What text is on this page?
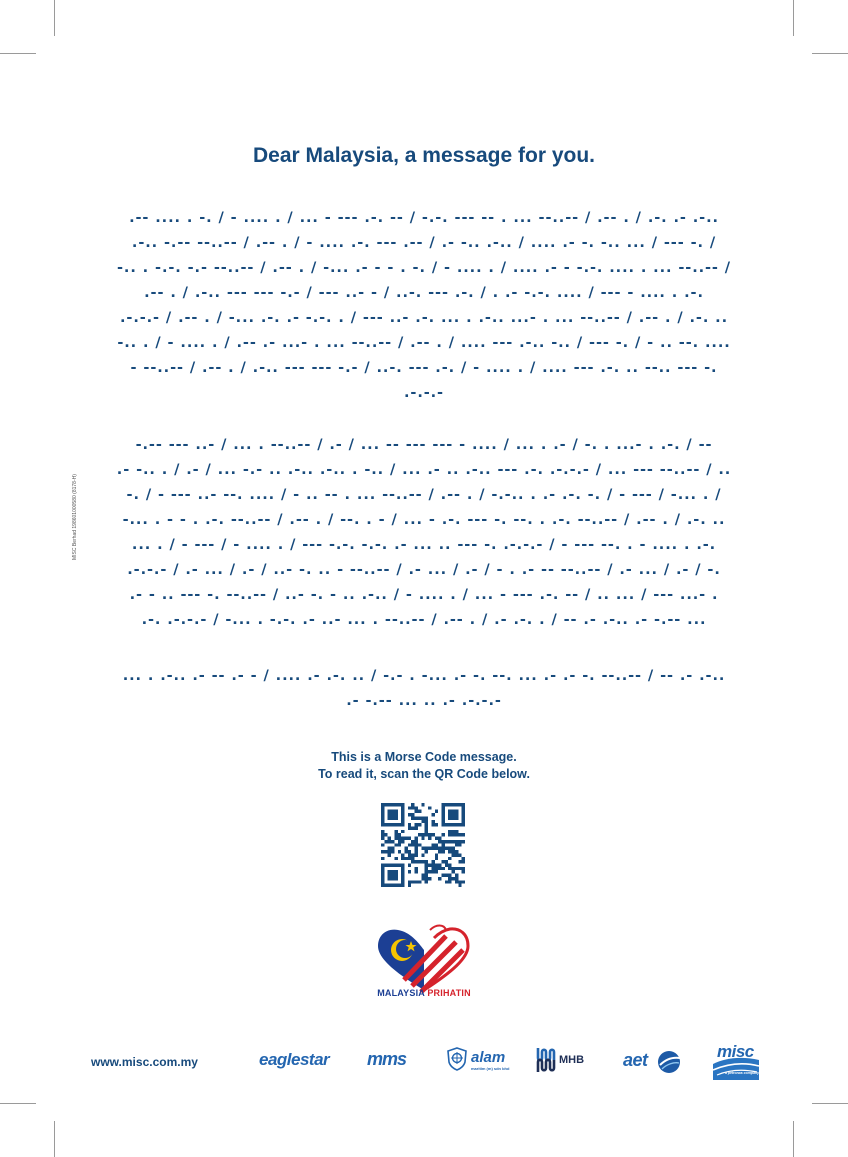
MISC Berhad 198601000580 (8178-H)
Dear Malaysia, a message for you.
.-- .... . -. / - .... . / ... - --- .-. -- / -.-. --- -- . ... --..-- / .-- . / .-. .- .-..
.-.. -.-- --..-- / .-- . / - .... .-. --- .-- / .- -.. .-.. / .... .- -. -.. ... / --- -. /
-.. . -.-. -.- --..-- / .-- . / -... .- - - . -. / - .... . / .... .- - -.-. .... . ... --..-- /
.-- . / .-.. --- --- -.- / --- ..- - / ..-. --- .-. / . .- -.-. .... / --- - .... . .-.
.-.-.- / .-- . / -... .-. .- -.-. . / --- ..- .-. ... . .-.. ...- . ... --..-- / .-- . / .-. ..
-.. . / - .... . / .-- .- ...- . ... --..-- / .-- . / .... --- .-.. -.. / --- -. / - .. --. ....
- --..-- / .-- . / .-.. --- --- -.- / ..-. --- .-. / - .... . / .... --- .-. .. --.. --- -.
.-.-.-
-.-- --- ..- / ... . --..-- / .- / ... -- --- --- - .... / ... . .- / -. . ...- . .-. / --
.- -.. . / .- / ... -.- .. .-.. .-.. . -.. / ... .- .. .-.. --- .-. .-.-.- / ... --- --..-- / ..
-. / - --- ..- --. .... / - .. -- . ... --..-- / .-- . / -.-.. . .- .-. -. / - --- / -... . /
-... . - - . .-. --..-- / .-- . / --. . - / ... - .-. --- -. --. . .-. --..-- / .-- . / .-. ..
... . / - --- / - .... . / --- -.-. -.-. .- ... .. --- -. .-.-.- / - --- --. . - .... . .-.
.-.-.- / .- ... / .- / ..- -. .. - --..-- / .- ... / .- / - . .- -- --..-- / .- ... / .- / -.
.- - .. --- -. --..-- / ..- -. - .. .-.. / - .... . / ... - --- .-. -- / .. ... / --- ...- .
.-. .-.-.- / -... . -.-. .- ..- ... . --..-- / .-- . / .- .-. . / -- .- .-.. .- -.-- ...
... . .-.. .- -- .- - / .... .- .-. .. / -.- . -... .- -. --. ... .- .- -. --..-- / -- .- .-..
.- -.-- ... .. .- .-.-.-
This is a Morse Code message.
To read it, scan the QR Code below.
MALAYSIA PRIHATIN
www.misc.com.my	eaglestar mms	alam
maritim (m) sdn bhd
MHB aet	misc
a petronas company
